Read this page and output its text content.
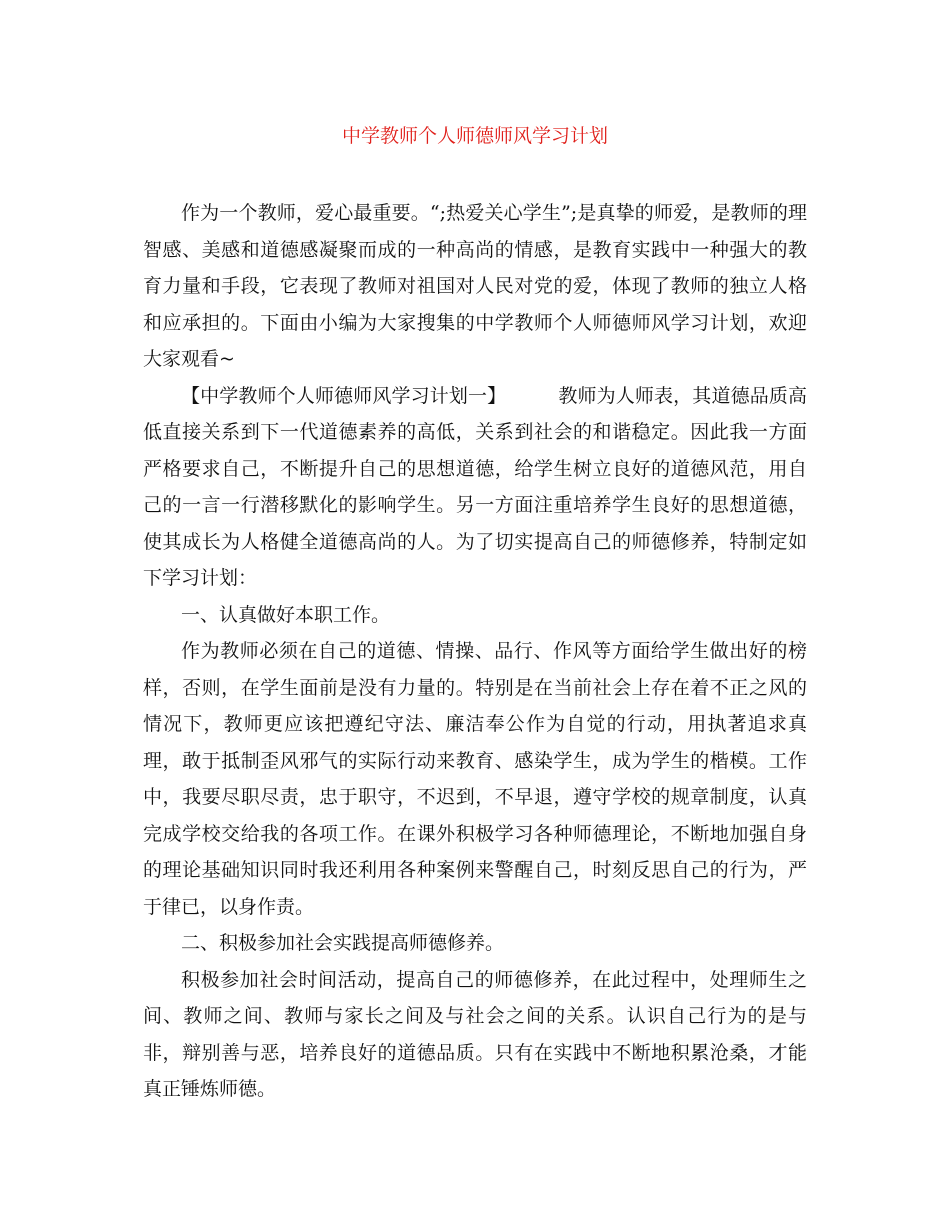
中学教师个人师德师风学习计划

作为一个教师，爱心最重要。“;热爱关心学生”;是真挚的师爱，是教师的理智感、美感和道德感凝聚而成的一种高尚的情感，是教育实践中一种强大的教育力量和手段，它表现了教师对祖国对人民对党的爱，体现了教师的独立人格和应承担的。下面由小编为大家搜集的中学教师个人师德师风学习计划，欢迎大家观看~

【中学教师个人师德师风学习计划一】	教师为人师表，其道德品质高低直接关系到下一代道德素养的高低，关系到社会的和谐稳定。因此我一方面严格要求自己，不断提升自己的思想道德，给学生树立良好的道德风范，用自己的一言一行潜移默化的影响学生。另一方面注重培养学生良好的思想道德，使其成长为人格健全道德高尚的人。为了切实提高自己的师德修养，特制定如下学习计划：

一、认真做好本职工作。

作为教师必须在自己的道德、情操、品行、作风等方面给学生做出好的榜样，否则，在学生面前是没有力量的。特别是在当前社会上存在着不正之风的情况下，教师更应该把遵纪守法、廉洁奉公作为自觉的行动，用执著追求真理，敢于抵制歪风邪气的实际行动来教育、感染学生，成为学生的楷模。工作中，我要尽职尽责，忠于职守，不迟到，不早退，遵守学校的规章制度，认真完成学校交给我的各项工作。在课外积极学习各种师德理论，不断地加强自身的理论基础知识同时我还利用各种案例来警醒自己，时刻反思自己的行为，严于律已，以身作责。

二、积极参加社会实践提高师德修养。

积极参加社会时间活动，提高自己的师德修养，在此过程中，处理师生之间、教师之间、教师与家长之间及与社会之间的关系。认识自己行为的是与非，辩别善与恶，培养良好的道德品质。只有在实践中不断地积累沧桑，才能真正锤炼师德。
